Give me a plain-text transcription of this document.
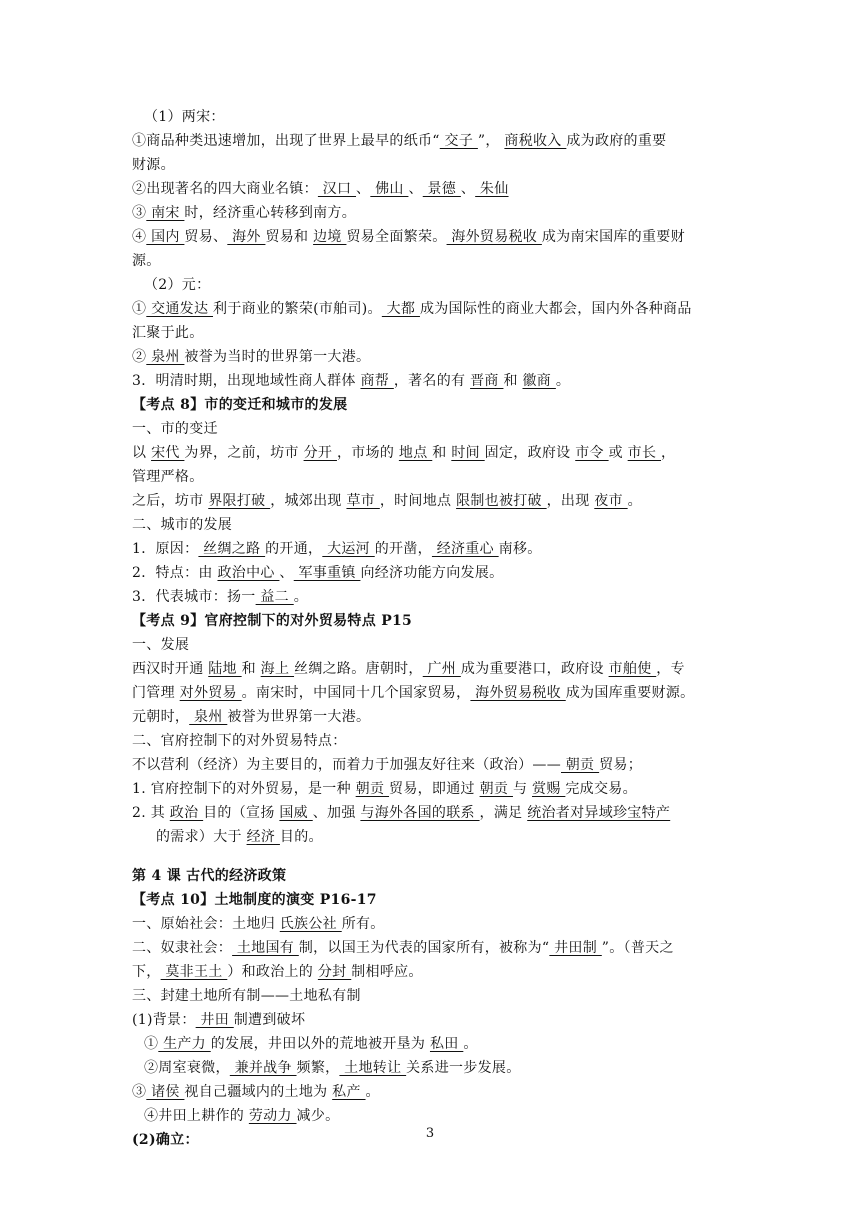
（1）两宋：
①商品种类迅速增加，出现了世界上最早的纸币“ 交子 ”， 商税收入 成为政府的重要
财源。
②出现著名的四大商业名镇： 汉口 、 佛山 、 景德 、 朱仙
③ 南宋 时，经济重心转移到南方。
④ 国内 贸易、 海外 贸易和 边境 贸易全面繁荣。 海外贸易税收 成为南宋国库的重要财
源。
（2）元：
① 交通发达 利于商业的繁荣(市舶司)。 大都 成为国际性的商业大都会，国内外各种商品
汇聚于此。
② 泉州 被誉为当时的世界第一大港。
3．明清时期，出现地域性商人群体 商帮 ，著名的有 晋商 和 徽商 。
【考点 8】市的变迁和城市的发展
一、市的变迁
以 宋代 为界，之前，坊市 分开 ，市场的 地点 和 时间 固定，政府设 市令 或 市长 ，
管理严格。
之后，坊市 界限打破 ，城郊出现 草市 ，时间地点 限制也被打破 ，出现 夜市 。
二、城市的发展
1．原因： 丝绸之路 的开通， 大运河 的开凿， 经济重心 南移。
2．特点：由 政治中心 、 军事重镇 向经济功能方向发展。
3．代表城市：扬一 益二 。
【考点 9】官府控制下的对外贸易特点 P15
一、发展
西汉时开通 陆地 和 海上 丝绸之路。唐朝时， 广州 成为重要港口，政府设 市舶使 ，专
门管理 对外贸易 。南宋时，中国同十几个国家贸易， 海外贸易税收 成为国库重要财源。
元朝时， 泉州 被誉为世界第一大港。
二、官府控制下的对外贸易特点：
不以营利（经济）为主要目的，而着力于加强友好往来（政治）—— 朝贡 贸易；
1. 官府控制下的对外贸易，是一种 朝贡 贸易，即通过 朝贡 与 赏赐 完成交易。
2. 其 政治 目的（宣扬 国威 、加强 与海外各国的联系 ，满足 统治者对异域珍宝特产
的需求）大于 经济 目的。
第 4 课 古代的经济政策
【考点 10】土地制度的演变 P16-17
一、原始社会：土地归 氏族公社 所有。
二、奴隶社会： 土地国有 制，以国王为代表的国家所有，被称为“ 井田制 ”。（普天之
下， 莫非王土 ）和政治上的 分封 制相呼应。
三、封建土地所有制——土地私有制
(1)背景： 井田 制遭到破坏
① 生产力 的发展，井田以外的荒地被开垦为 私田 。
②周室衰微， 兼并战争 频繁， 土地转让 关系进一步发展。
③ 诸侯 视自己疆域内的土地为 私产 。
④井田上耕作的 劳动力 减少。
(2)确立：	3
